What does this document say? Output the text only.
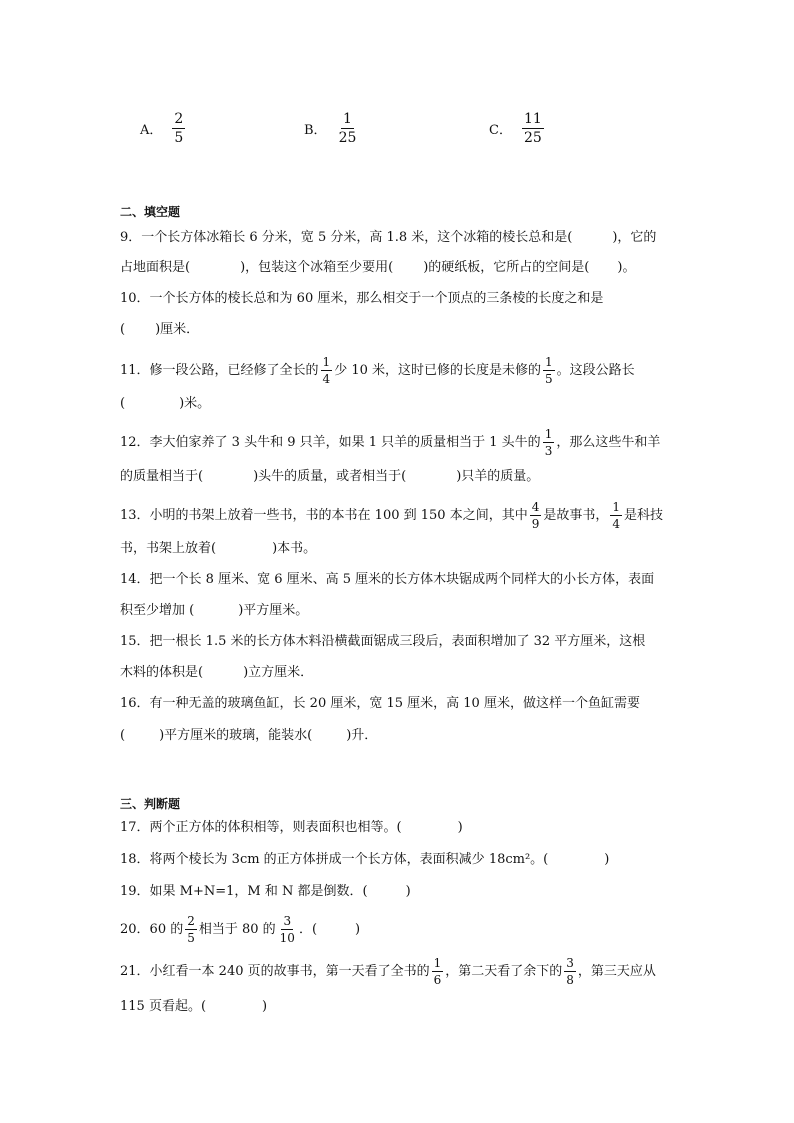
A． $\frac{2}{5}$	B． $\frac{1}{25}$	C． $\frac{11}{25}$
二、填空题
9．一个长方体冰箱长 6 分米，宽 5 分米，高 1.8 米，这个冰箱的棱长总和是(	)，它的
占地面积是(	)，包装这个冰箱至少要用( )的硬纸板，它所占的空间是( )。
10．一个长方体的棱长总和为 60 厘米，那么相交于一个顶点的三条棱的长度之和是
( )厘米．
11．修一段公路，已经修了全长的 $\frac{1}{4}$ 少 10 米，这时已修的长度是未修的 $\frac{1}{5}$ 。这段公路长
(	)米。
12．李大伯家养了 3 头牛和 9 只羊，如果 1 只羊的质量相当于 1 头牛的 $\frac{1}{3}$ ，那么这些牛和羊
的质量相当于(	)头牛的质量，或者相当于(	)只羊的质量。
13．小明的书架上放着一些书，书的本书在 100 到 150 本之间，其中 $\frac{4}{9}$ 是故事书， $\frac{1}{4}$ 是科技
书，书架上放着(	)本书。
14．把一个长 8 厘米、宽 6 厘米、高 5 厘米的长方体木块锯成两个同样大的小长方体，表面
积至少增加 (	)平方厘米。
15．把一根长 1.5 米的长方体木料沿横截面锯成三段后，表面积增加了 32 平方厘米，这根
木料的体积是(	)立方厘米．
16．有一种无盖的玻璃鱼缸，长 20 厘米，宽 15 厘米，高 10 厘米，做这样一个鱼缸需要
(	)平方厘米的玻璃，能装水(	)升．
三、判断题
17．两个正方体的体积相等，则表面积也相等。(	)
18．将两个棱长为 3cm 的正方体拼成一个长方体，表面积减少 18cm²。(	)
19．如果 M+N=1，M 和 N 都是倒数．(	)
20．60 的 $\frac{2}{5}$ 相当于 80 的 $\frac{3}{10}$ ．(	)
21．小红看一本 240 页的故事书，第一天看了全书的 $\frac{1}{6}$ ，第二天看了余下的 $\frac{3}{8}$ ，第三天应从
115 页看起。(	)
